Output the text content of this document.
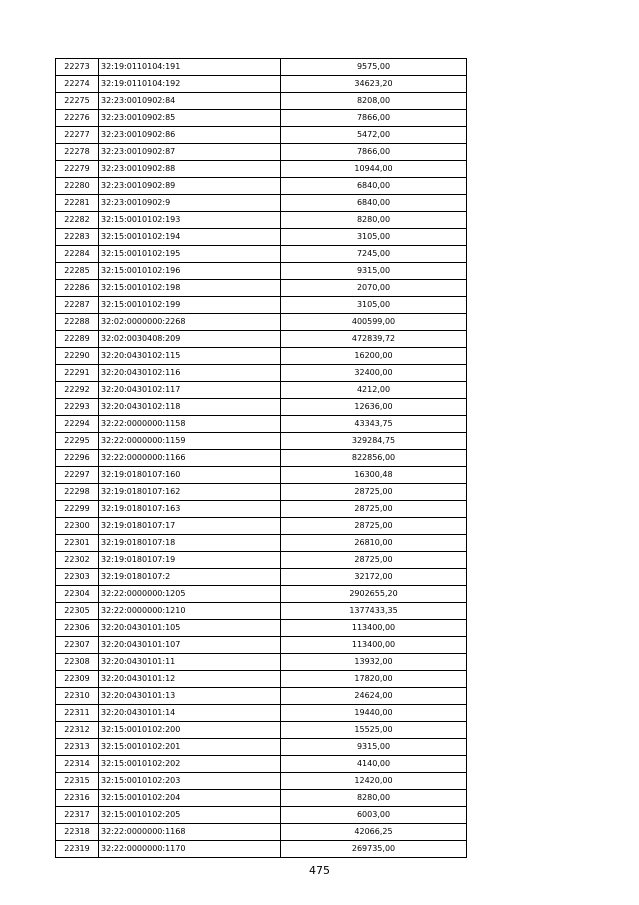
22273	32:19:0110104:191	9575,00
22274	32:19:0110104:192	34623,20
22275	32:23:0010902:84	8208,00
22276	32:23:0010902:85	7866,00
22277	32:23:0010902:86	5472,00
22278	32:23:0010902:87	7866,00
22279	32:23:0010902:88	10944,00
22280	32:23:0010902:89	6840,00
22281	32:23:0010902:9	6840,00
22282	32:15:0010102:193	8280,00
22283	32:15:0010102:194	3105,00
22284	32:15:0010102:195	7245,00
22285	32:15:0010102:196	9315,00
22286	32:15:0010102:198	2070,00
22287	32:15:0010102:199	3105,00
22288	32:02:0000000:2268	400599,00
22289	32:02:0030408:209	472839,72
22290	32:20:0430102:115	16200,00
22291	32:20:0430102:116	32400,00
22292	32:20:0430102:117	4212,00
22293	32:20:0430102:118	12636,00
22294	32:22:0000000:1158	43343,75
22295	32:22:0000000:1159	329284,75
22296	32:22:0000000:1166	822856,00
22297	32:19:0180107:160	16300,48
22298	32:19:0180107:162	28725,00
22299	32:19:0180107:163	28725,00
22300	32:19:0180107:17	28725,00
22301	32:19:0180107:18	26810,00
22302	32:19:0180107:19	28725,00
22303	32:19:0180107:2	32172,00
22304	32:22:0000000:1205	2902655,20
22305	32:22:0000000:1210	1377433,35
22306	32:20:0430101:105	113400,00
22307	32:20:0430101:107	113400,00
22308	32:20:0430101:11	13932,00
22309	32:20:0430101:12	17820,00
22310	32:20:0430101:13	24624,00
22311	32:20:0430101:14	19440,00
22312	32:15:0010102:200	15525,00
22313	32:15:0010102:201	9315,00
22314	32:15:0010102:202	4140,00
22315	32:15:0010102:203	12420,00
22316	32:15:0010102:204	8280,00
22317	32:15:0010102:205	6003,00
22318	32:22:0000000:1168	42066,25
22319	32:22:0000000:1170	269735,00
475
